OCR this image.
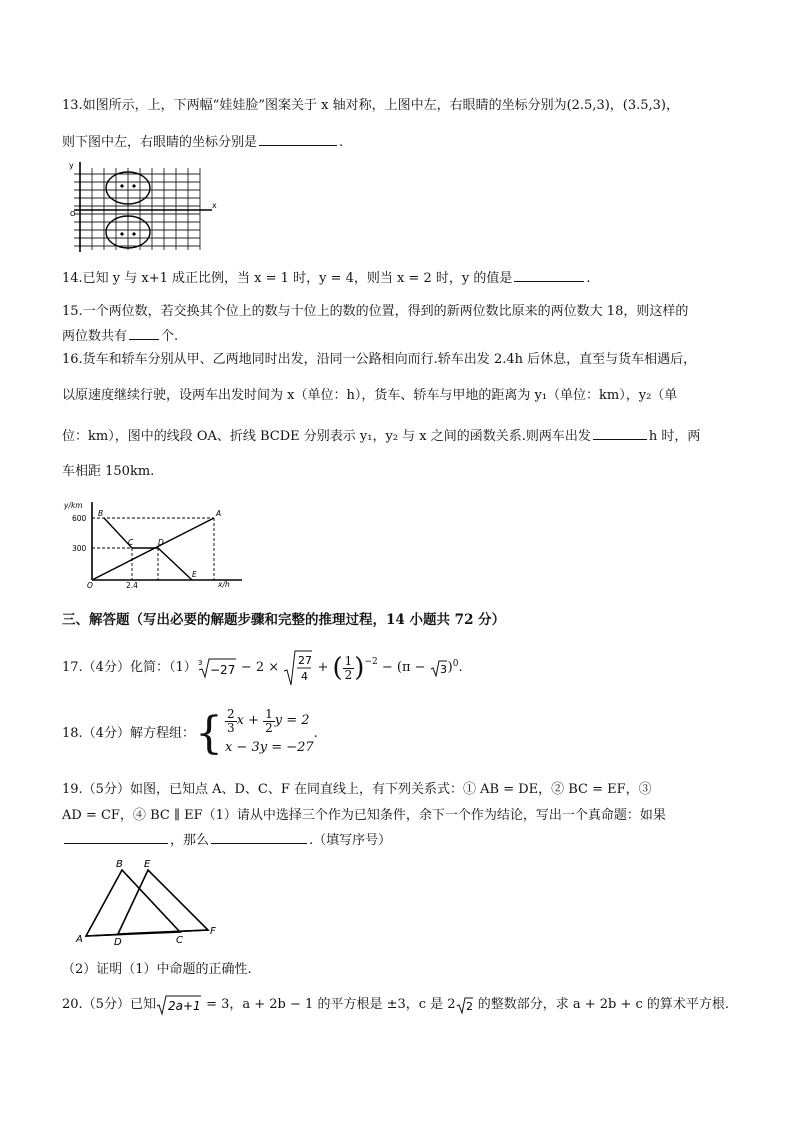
13.如图所示，上，下两幅“娃娃脸”图案关于 x 轴对称，上图中左，右眼睛的坐标分别为(2.5,3)，(3.5,3)，
则下图中左，右眼睛的坐标分别是	.
y
x
O
14.已知 y 与 x+1 成正比例，当 x = 1 时，y = 4，则当 x = 2 时，y 的值是	.
15.一个两位数，若交换其个位上的数与十位上的数的位置，得到的新两位数比原来的两位数大 18，则这样的
两位数共有	个.
16.货车和轿车分别从甲、乙两地同时出发，沿同一公路相向而行.轿车出发 2.4h 后休息，直至与货车相遇后，
以原速度继续行驶，设两车出发时间为 x（单位：h），货车、轿车与甲地的距离为 y₁（单位：km），y₂（单
位：km），图中的线段 OA、折线 BCDE 分别表示 y₁，y₂ 与 x 之间的函数关系.则两车出发	h 时，两
车相距 150km.
y/km
x/h
600
300
2.4
O
A
B
C	D
E
三、解答题（写出必要的解题步骤和完整的推理过程，14 小题共 72 分）
17.（4分）化简：（1） 3 −27 − 2 × 27
4
+ ( $\frac{1}{2} )^{-2} - (\pi - 3$ )$^0$ .
18.（4分）解方程组： { $\frac{2}{3}$ $x + \frac{1}{2}$ y = 2
x − 3y = −27
.
19.（5分）如图，已知点 A、D、C、F 在同直线上，有下列关系式：① AB = DE，② BC = EF，③
AD = CF，④ BC ∥ EF（1）请从中选择三个作为已知条件，余下一个作为结论，写出一个真命题：如果
，那么	.（填写序号）
B E
A	D	C
F
（2）证明（1）中命题的正确性.
20.（5分）已知 2a+1 = 3，a + 2b − 1 的平方根是 ±3，c 是 2 2 的整数部分，求 a + 2b + c 的算术平方根.
